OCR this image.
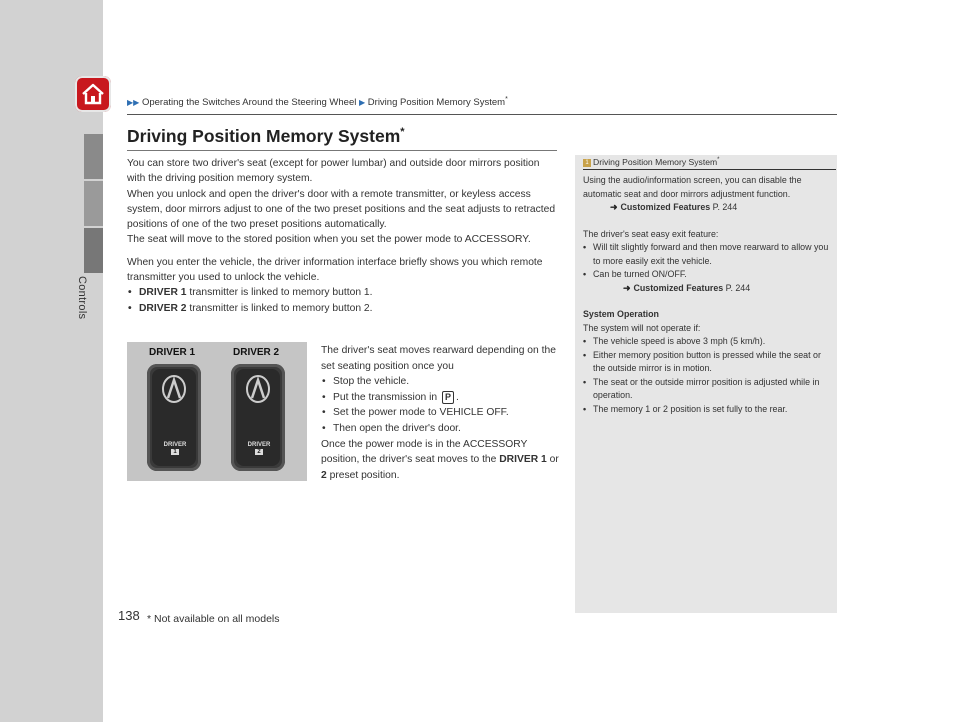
Controls
138
▶▶ Operating the Switches Around the Steering Wheel ▶ Driving Position Memory System*
Driving Position Memory System*

You can store two driver's seat (except for power lumbar) and outside door mirrors position with the driving position memory system.

When you unlock and open the driver's door with a remote transmitter, or keyless access system, door mirrors adjust to one of the two preset positions and the seat adjusts to retracted positions of one of the two preset positions automatically.

The seat will move to the stored position when you set the power mode to ACCESSORY.

When you enter the vehicle, the driver information interface briefly shows you which remote transmitter you used to unlock the vehicle.

• DRIVER 1 transmitter is linked to memory button 1.
• DRIVER 2 transmitter is linked to memory button 2.
DRIVER 1	DRIVER 2
DRIVER
1
DRIVER
2

The driver's seat moves rearward depending on the set seating position once you

• Stop the vehicle.
• Put the transmission in P .
• Set the power mode to VEHICLE OFF.
• Then open the driver's door.

Once the power mode is in the ACCESSORY position, the driver's seat moves to the DRIVER 1 or 2 preset position.

1 Driving Position Memory System*

Using the audio/information screen, you can disable the automatic seat and door mirrors adjustment function.

➜ Customized Features P. 244

The driver's seat easy exit feature:

• Will tilt slightly forward and then move rearward to allow you to more easily exit the vehicle.
• Can be turned ON/OFF.

➜ Customized Features P. 244

System Operation

The system will not operate if:

• The vehicle speed is above 3 mph (5 km/h).
• Either memory position button is pressed while the seat or the outside mirror is in motion.
• The seat or the outside mirror position is adjusted while in operation.
• The memory 1 or 2 position is set fully to the rear.
* Not available on all models
